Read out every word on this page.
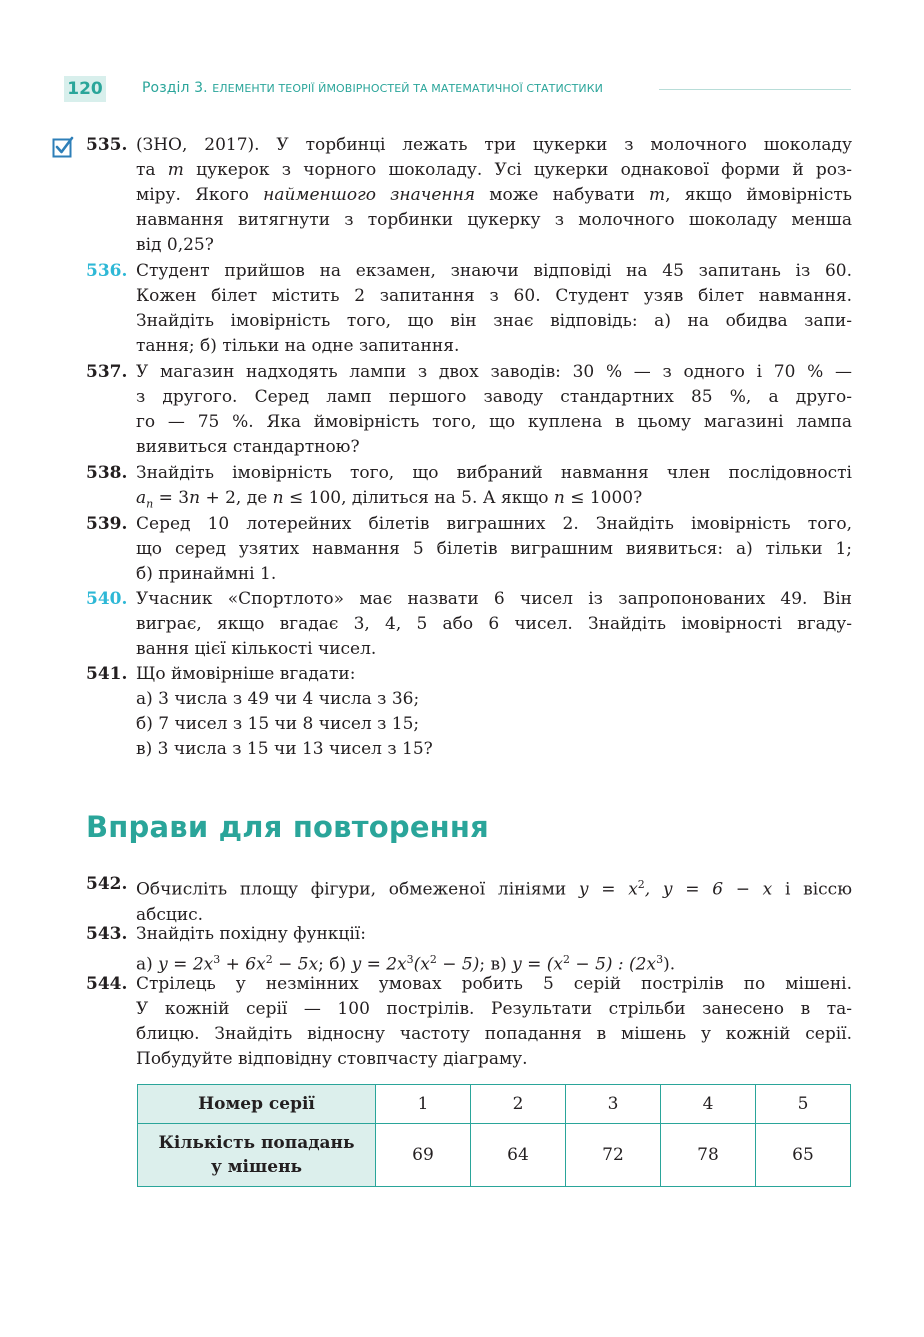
120	Розділ 3. ЕЛЕМЕНТИ ТЕОРІЇ ЙМОВІРНОСТЕЙ ТА МАТЕМАТИЧНОЇ СТАТИСТИКИ
535. (ЗНО, 2017). У торбинці лежать три цукерки з молочного шоколаду
та m цукерок з чорного шоколаду. Усі цукерки однакової форми й роз-
міру. Якого найменшого значення може набувати m, якщо ймовірність
навмання витягнути з торбинки цукерку з молочного шоколаду менша
від 0,25?
536. Студент прийшов на екзамен, знаючи відповіді на 45 запитань із 60.
Кожен білет містить 2 запитання з 60. Студент узяв білет навмання.
Знайдіть імовірність того, що він знає відповідь: а) на обидва запи-
тання; б) тільки на одне запитання.
537. У магазин надходять лампи з двох заводів: 30 % — з одного і 70 % —
з другого. Серед ламп першого заводу стандартних 85 %, а друго-
го — 75 %. Яка ймовірність того, що куплена в цьому магазині лампа
виявиться стандартною?
538. Знайдіть імовірність того, що вибраний навмання член послідовності
$a_n = 3n + 2$, де n ≤ 100, ділиться на 5. А якщо n ≤ 1000?
539. Серед 10 лотерейних білетів виграшних 2. Знайдіть імовірність того,
що серед узятих навмання 5 білетів виграшним виявиться: а) тільки 1;
б) принаймні 1.
540. Учасник «Спортлото» має назвати 6 чисел із запропонованих 49. Він
виграє, якщо вгадає 3, 4, 5 або 6 чисел. Знайдіть імовірності вгаду-
вання цієї кількості чисел.
541. Що ймовірніше вгадати:
а) 3 числа з 49 чи 4 числа з 36;
б) 7 чисел з 15 чи 8 чисел з 15;
в) 3 числа з 15 чи 13 чисел з 15?
Вправи для повторення
542. Обчисліть площу фігури, обмеженої лініями $y = x^2$, y = 6 − x і віссю
абсцис.
543. Знайдіть похідну функції:
а) $y = 2x^3 + 6x^2 - 5x$; б) $y = 2x^3(x^2 - 5)$; в) $y = (x^2 - 5)$ : $(2x^3)$.
544. Стрілець у незмінних умовах робить 5 серій пострілів по мішені.
У кожній серії — 100 пострілів. Результати стрільби занесено в та-
блицю. Знайдіть відносну частоту попадання в мішень у кожній серії.
Побудуйте відповідну стовпчасту діаграму.
Номер серії	1	2	3	4	5
Кількість попадань
у мішень	69	64	72	78	65
